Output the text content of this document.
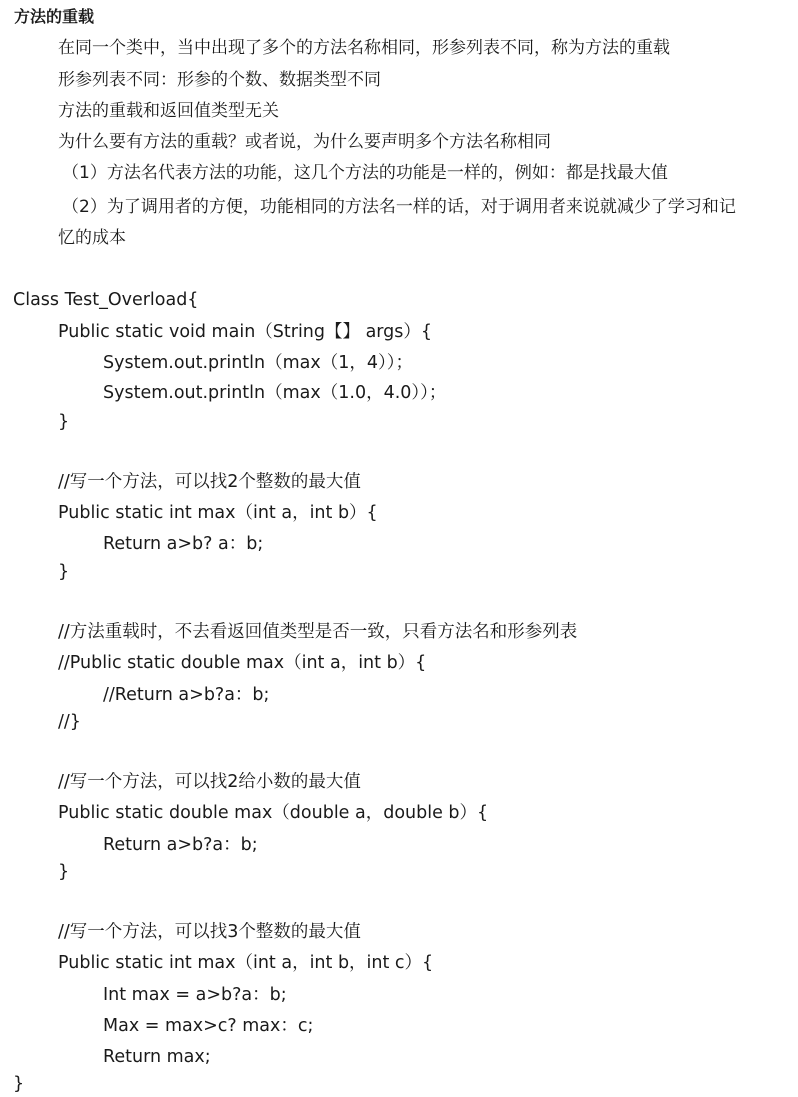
方法的重载
在同一个类中，当中出现了多个的方法名称相同，形参列表不同，称为方法的重载
形参列表不同：形参的个数、数据类型不同
方法的重载和返回值类型无关
为什么要有方法的重载？或者说，为什么要声明多个方法名称相同
（1）方法名代表方法的功能，这几个方法的功能是一样的，例如：都是找最大值
（2）为了调用者的方便，功能相同的方法名一样的话，对于调用者来说就减少了学习和记
忆的成本
Class Test_Overload{
Public static void main（String【】 args）{
System.out.println（max（1，4））；
System.out.println（max（1.0，4.0））；
}
//写一个方法，可以找2个整数的最大值
Public static int max（int a，int b）{
Return a>b? a：b;
}
//方法重载时，不去看返回值类型是否一致，只看方法名和形参列表
//Public static double max（int a，int b）{
//Return a>b?a：b;
//}
//写一个方法，可以找2给小数的最大值
Public static double max（double a，double b）{
Return a>b?a：b;
}
//写一个方法，可以找3个整数的最大值
Public static int max（int a，int b，int c）{
Int max = a>b?a：b;
Max = max>c? max：c;
Return max;
}
